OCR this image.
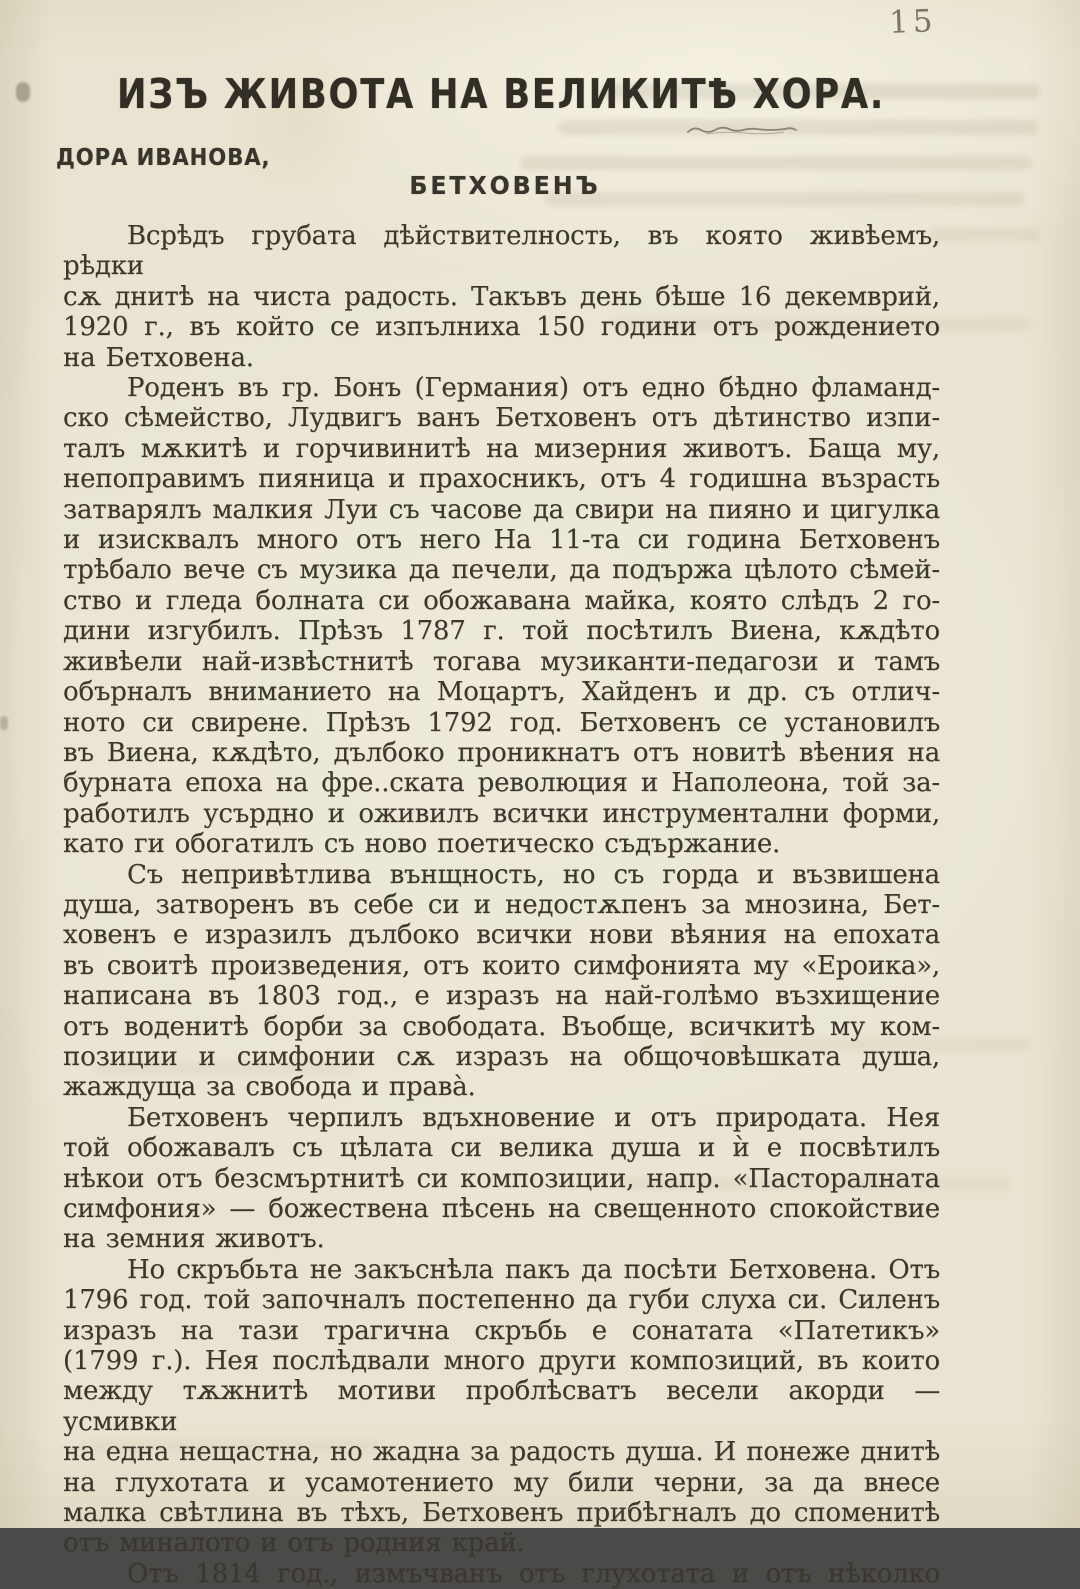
15
ИЗЪ ЖИВОТА НА ВЕЛИКИТѢ ХОРА.
ДОРА ИВАНОВА,
БЕТХОВЕНЪ
Всрѣдъ грубата дѣйствителность, въ която живѣемъ, рѣдки
сѫ днитѣ на чиста радость. Такъвъ день бѣше 16 декемврий,
1920 г., въ който се изпълниха 150 години отъ рождението
на Бетховена.
Роденъ въ гр. Бонъ (Германия) отъ едно бѣдно фламанд-
ско сѣмейство, Лудвигъ ванъ Бетховенъ отъ дѣтинство изпи-
талъ мѫкитѣ и горчивинитѣ на мизерния животъ. Баща му,
непоправимъ пияница и прахосникъ, отъ 4 годишна възрасть
затварялъ малкия Луи съ часове да свири на пияно и цигулка
и изисквалъ много отъ него На 11-та си година Бетховенъ
трѣбало вече съ музика да печели, да подържа цѣлото сѣмей-
ство и гледа болната си обожавана майка, която слѣдъ 2 го-
дини изгубилъ. Прѣзъ 1787 г. той посѣтилъ Виена, кѫдѣто
живѣели най-извѣстнитѣ тогава музиканти-педагози и тамъ
обърналъ вниманието на Моцартъ, Хайденъ и др. съ отлич-
ното си свирене. Прѣзъ 1792 год. Бетховенъ се установилъ
въ Виена, кѫдѣто, дълбоко проникнатъ отъ новитѣ вѣения на
бурната епоха на фре..ската революция и Наполеона, той за-
работилъ усърдно и оживилъ всички инструментални форми,
като ги обогатилъ съ ново поетическо съдържание.
Съ непривѣтлива вънщность, но съ горда и възвишена
душа, затворенъ въ себе си и недостѫпенъ за мнозина, Бет-
ховенъ е изразилъ дълбоко всички нови вѣяния на епохата
въ своитѣ произведения, отъ които симфонията му «Ероика»,
написана въ 1803 год., е изразъ на най-голѣмо възхищение
отъ воденитѣ борби за свободата. Въобще, всичкитѣ му ком-
позиции и симфонии сѫ изразъ на общочовѣшката душа,
жаждуща за свобода и права̀.
Бетховенъ черпилъ вдъхновение и отъ природата. Нея
той обожавалъ съ цѣлата си велика душа и ѝ е посвѣтилъ
нѣкои отъ безсмъртнитѣ си композиции, напр. «Пасторалната
симфония» — божествена пѣсень на свещенното спокойствие
на земния животъ.
Но скръбьта не закъснѣла пакъ да посѣти Бетховена. Отъ
1796 год. той започналъ постепенно да губи слуха си. Силенъ
изразъ на тази трагична скръбь е сонатата «Патетикъ»
(1799 г.). Нея послѣдвали много други композиций, въ които
между тѫжнитѣ мотиви проблѣсватъ весели акорди — усмивки
на една нещастна, но жадна за радость душа. И понеже днитѣ
на глухотата и усамотението му били черни, за да внесе
малка свѣтлина въ тѣхъ, Бетховенъ прибѣгналъ до споменитѣ
отъ миналото и отъ родния край.
Отъ 1814 год., измъчванъ отъ глухотата и отъ нѣколко
